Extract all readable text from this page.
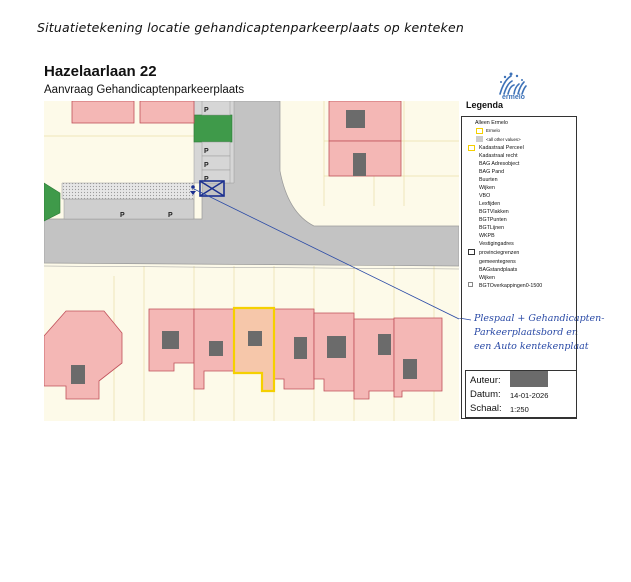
Situatietekening locatie gehandicaptenparkeerplaats op kenteken
Hazelaarlaan 22
Aanvraag Gehandicaptenparkeerplaats
ermelo
P
P
P
P
P	P
Plespaal + Gehandicapten-
Parkeerplaatsbord en
een Auto kentekenplaat
Legenda
Alleen Ermelo
Ermelo
<all other values>
Kadastraal Perceel
Kadastraal recht
BAG Adresobject
BAG Pand
Buurten
Wijken
VBO
Lexfijden
BGTVlakken
BGTPunten
BGTLijnen
WKPB
Vestigingadres
provinciegrenzen
gemeentegrens
BAGstandplaats
Wijken
BGTOverkappingen0-1500
Auteur:
Datum: 14-01-2026
Schaal: 1:250
